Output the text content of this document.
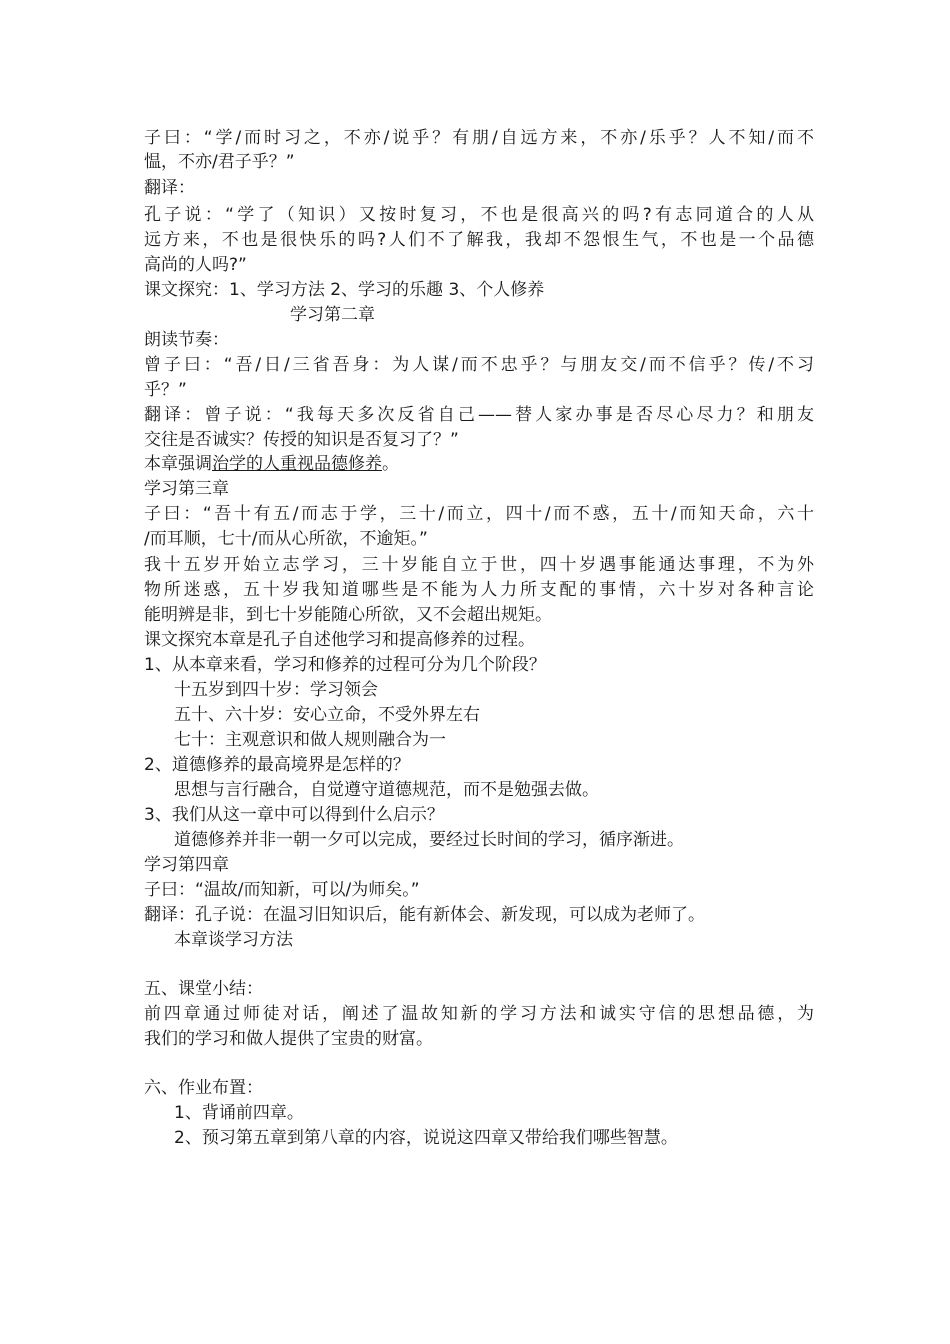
子曰：“学/而时习之，不亦/说乎？有朋/自远方来，不亦/乐乎？人不知/而不
愠，不亦/君子乎？”
翻译：
孔子说：“学了（知识）又按时复习，不也是很高兴的吗?有志同道合的人从
远方来，不也是很快乐的吗?人们不了解我，我却不怨恨生气，不也是一个品德
高尚的人吗?”
课文探究：1、学习方法 2、学习的乐趣 3、个人修养
学习第二章
朗读节奏：
曾子曰：“吾/日/三省吾身：为人谋/而不忠乎？与朋友交/而不信乎？传/不习
乎？”
翻译：曾子说：“我每天多次反省自己——替人家办事是否尽心尽力？和朋友
交往是否诚实？传授的知识是否复习了？”
本章强调治学的人重视品德修养。
学习第三章
子曰：“吾十有五/而志于学，三十/而立，四十/而不惑，五十/而知天命，六十
/而耳顺，七十/而从心所欲，不逾矩。”
我十五岁开始立志学习，三十岁能自立于世，四十岁遇事能通达事理，不为外
物所迷惑，五十岁我知道哪些是不能为人力所支配的事情，六十岁对各种言论
能明辨是非，到七十岁能随心所欲，又不会超出规矩。
课文探究本章是孔子自述他学习和提高修养的过程。
1、从本章来看，学习和修养的过程可分为几个阶段？
十五岁到四十岁：学习领会
五十、六十岁：安心立命，不受外界左右
七十：主观意识和做人规则融合为一
2、道德修养的最高境界是怎样的？
思想与言行融合，自觉遵守道德规范，而不是勉强去做。
3、我们从这一章中可以得到什么启示？
道德修养并非一朝一夕可以完成，要经过长时间的学习，循序渐进。
学习第四章
子曰：“温故/而知新，可以/为师矣。”
翻译：孔子说：在温习旧知识后，能有新体会、新发现，可以成为老师了。
本章谈学习方法
五、课堂小结：
前四章通过师徒对话，阐述了温故知新的学习方法和诚实守信的思想品德，为
我们的学习和做人提供了宝贵的财富。
六、作业布置：
1、背诵前四章。
2、预习第五章到第八章的内容，说说这四章又带给我们哪些智慧。
